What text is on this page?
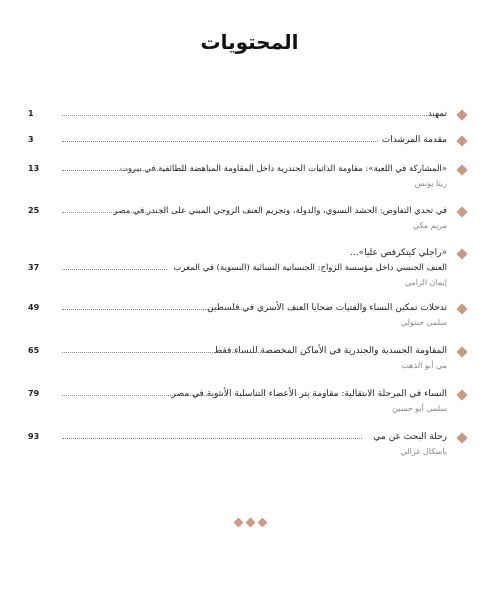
المحتويات
تمهيد
1
مقدمة المرشدات
3
«المشاركة في اللعبة»: مقاومة الذاتيات الجندرية داخل المقاومة المناهضة للطائفية في بيروت
13
ريتا يونس
في تحدي التفاوض: الحشد النسوي، والدولة، وتجريم العنف الزوجي المبني على الجندر في مصر
25
مريم مكي
«راجلي كيتكرفص عليا»...
العنف الجنسي داخل مؤسسة الزواج: الجنسانية النسائية (النسوية) في المغرب
37
إيمان الرامي
تدخلات تمكين النساء والفتيات ضحايا العنف الأسري في فلسطين
49
سلمى حنتولي
المقاومة الجسدية والجندرية في الأماكن المخصصة للنساء فقط
65
مي أبو الذهب
النساء في المرحلة الانتقالية: مقاومة بتر الأعضاء التناسلية الأنثوية في مصر
79
سلمى أبو حسين
رحلة البحث عن مي
93
باسكال غزالي
